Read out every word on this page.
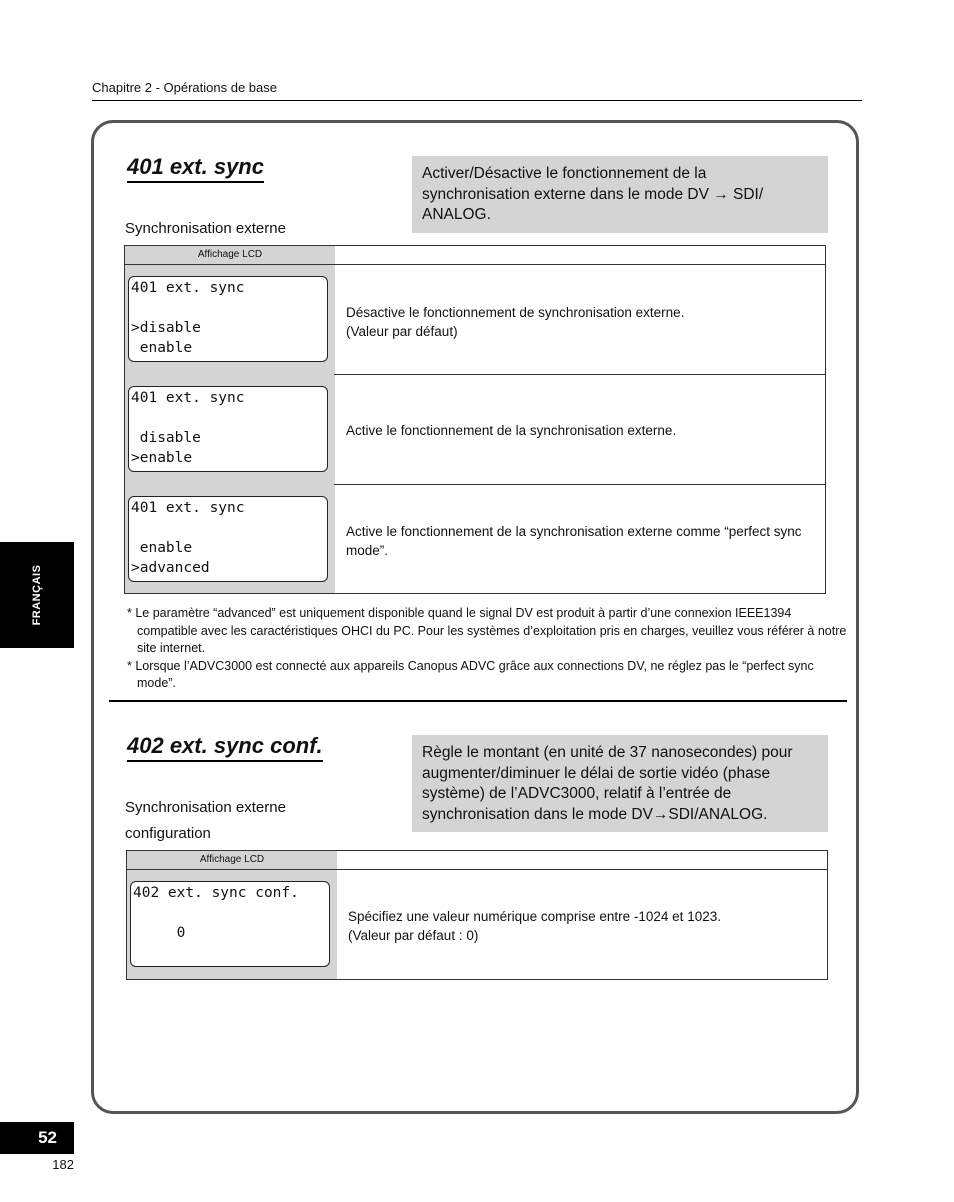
Chapitre 2 - Opérations de base
401 ext. sync	Activer/Désactive le fonctionnement de la synchronisation externe dans le mode DV → SDI/ ANALOG.
Synchronisation externe
Affichage LCD
401 ext. sync

>disable
enable
Désactive le fonctionnement de synchronisation externe.
(Valeur par défaut)
401 ext. sync

disable
>enable
Active le fonctionnement de la synchronisation externe.
401 ext. sync

enable
>advanced
Active le fonctionnement de la synchronisation externe comme “perfect sync mode”.
* Le paramètre “advanced” est uniquement disponible quand le signal DV est produit à partir d’une connexion IEEE1394 compatible avec les caractéristiques OHCI du PC. Pour les systèmes d’exploitation pris en charges, veuillez vous référer à notre site internet.
* Lorsque l’ADVC3000 est connecté aux appareils Canopus ADVC grâce aux connections DV, ne réglez pas le “perfect sync mode”.
402 ext. sync conf.	Règle le montant (en unité de 37 nanosecondes) pour augmenter/diminuer le délai de sortie vidéo (phase système) de l’ADVC3000, relatif à l’entrée de synchronisation dans le mode DV→SDI/ANALOG.
Synchronisation externe
configuration
Affichage LCD
402 ext. sync conf.

0
Spécifiez une valeur numérique comprise entre -1024 et 1023.
(Valeur par défaut : 0)
FRANÇAIS
52
182
